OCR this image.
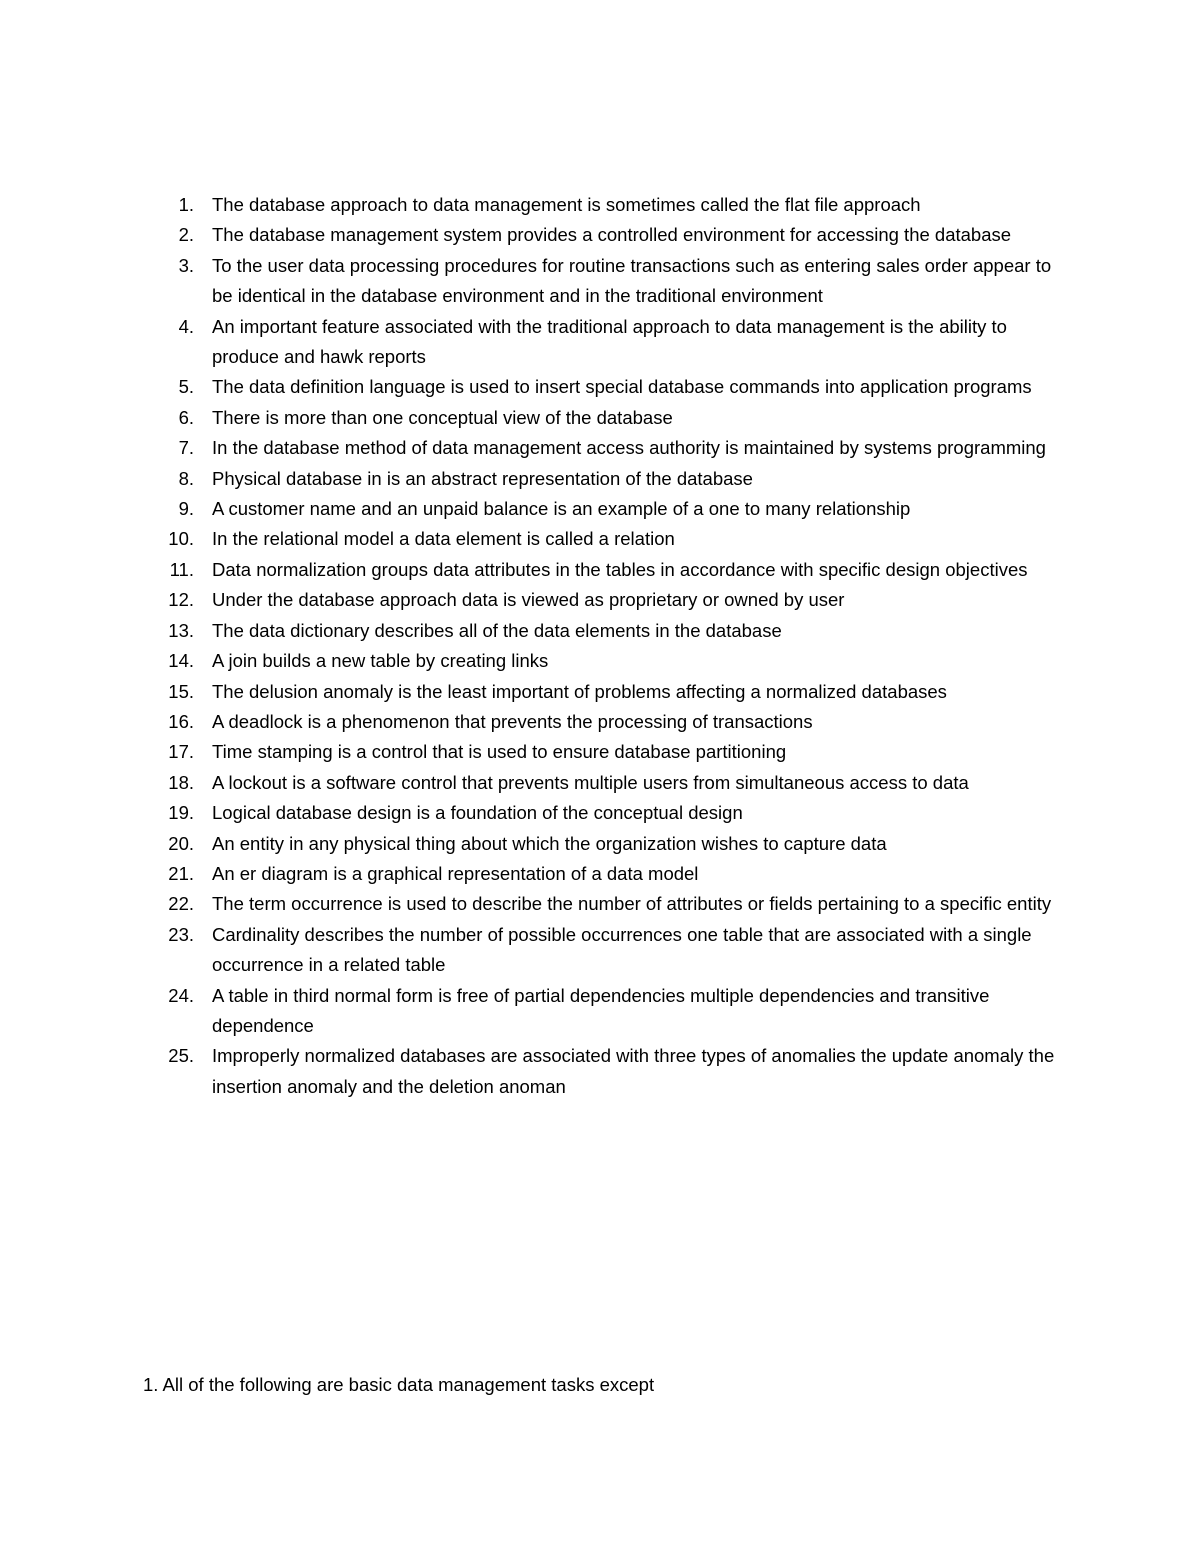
1. The database approach to data management is sometimes called the flat file approach
2. The database management system provides a controlled environment for accessing the database
3. To the user data processing procedures for routine transactions such as entering sales order appear to be identical in the database environment and in the traditional environment
4. An important feature associated with the traditional approach to data management is the ability to produce and hawk reports
5. The data definition language is used to insert special database commands into application programs
6. There is more than one conceptual view of the database
7. In the database method of data management access authority is maintained by systems programming
8. Physical database in is an abstract representation of the database
9. A customer name and an unpaid balance is an example of a one to many relationship
10. In the relational model a data element is called a relation
11. Data normalization groups data attributes in the tables in accordance with specific design objectives
12. Under the database approach data is viewed as proprietary or owned by user
13. The data dictionary describes all of the data elements in the database
14. A join builds a new table by creating links
15. The delusion anomaly is the least important of problems affecting a normalized databases
16. A deadlock is a phenomenon that prevents the processing of transactions
17. Time stamping is a control that is used to ensure database partitioning
18. A lockout is a software control that prevents multiple users from simultaneous access to data
19. Logical database design is a foundation of the conceptual design
20. An entity in any physical thing about which the organization wishes to capture data
21. An er diagram is a graphical representation of a data model
22. The term occurrence is used to describe the number of attributes or fields pertaining to a specific entity
23. Cardinality describes the number of possible occurrences one table that are associated with a single occurrence in a related table
24. A table in third normal form is free of partial dependencies multiple dependencies and transitive dependence
25. Improperly normalized databases are associated with three types of anomalies the update anomaly the insertion anomaly and the deletion anoman

1. All of the following are basic data management tasks except
